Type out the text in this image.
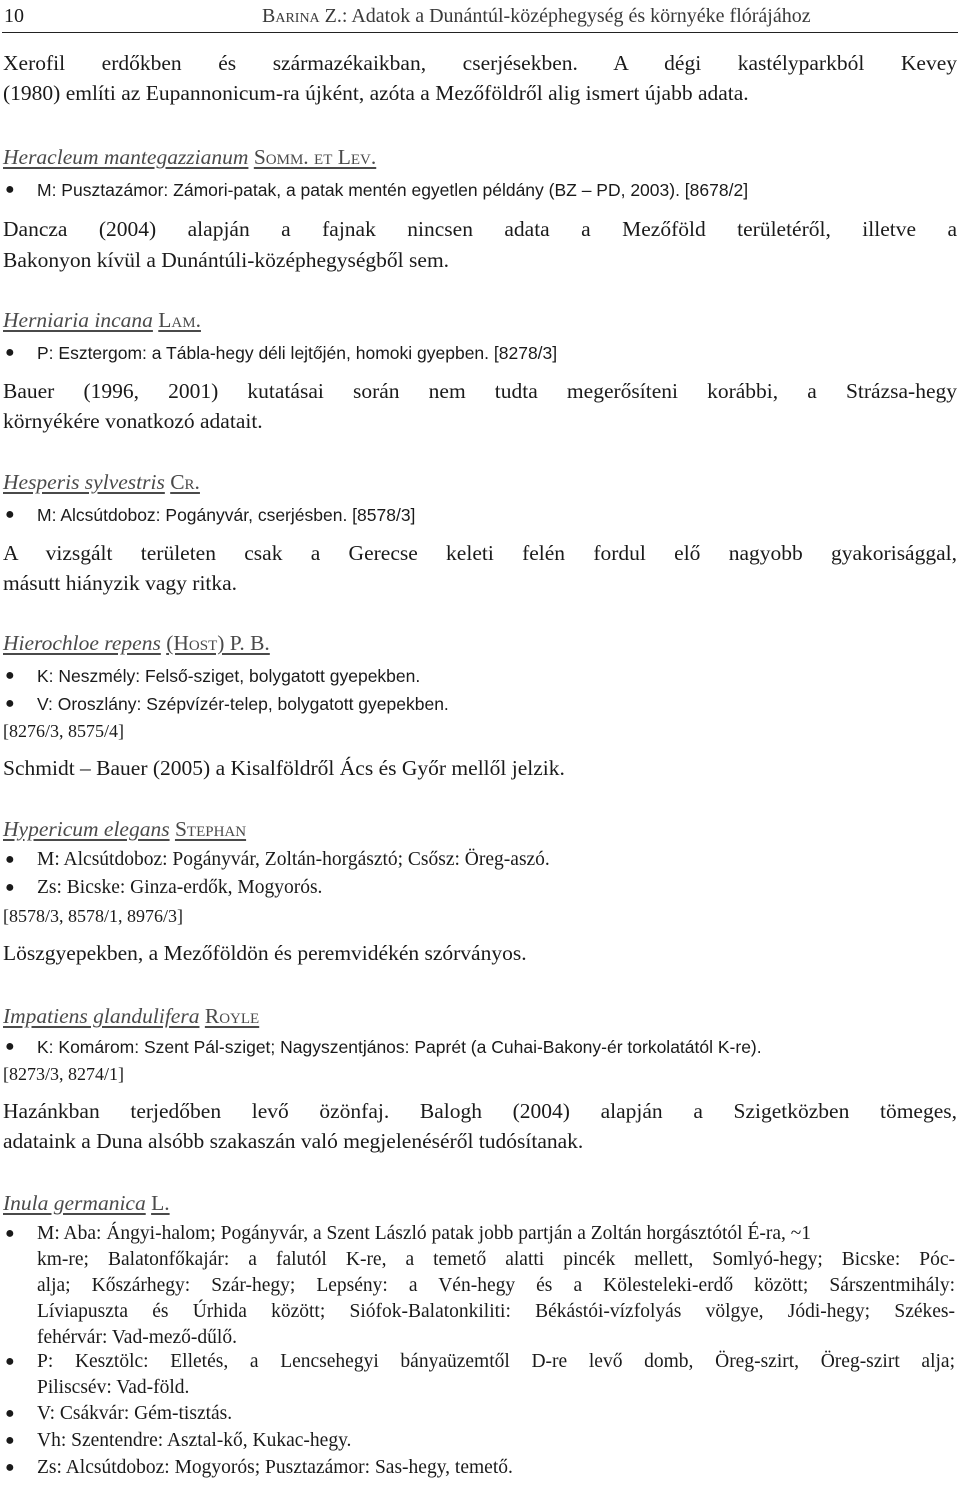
10	Barina Z.: Adatok a Dunántúl-középhegység és környéke flórájához
Xerofil erdőkben és származékaikban, cserjésekben. A dégi kastélyparkból Kevey
(1980) említi az Eupannonicum-ra újként, azóta a Mezőföldről alig ismert újabb adata.
Heracleum mantegazzianum Somm. et Lev.
●	M: Pusztazámor: Zámori-patak, a patak mentén egyetlen példány (BZ – PD, 2003). [8678/2]
Dancza (2004) alapján a fajnak nincsen adata a Mezőföld területéről, illetve a
Bakonyon kívül a Dunántúli-középhegységből sem.
Herniaria incana Lam.
●	P: Esztergom: a Tábla-hegy déli lejtőjén, homoki gyepben. [8278/3]
Bauer (1996, 2001) kutatásai során nem tudta megerősíteni korábbi, a Strázsa-hegy
környékére vonatkozó adatait.
Hesperis sylvestris Cr.
●	M: Alcsútdoboz: Pogányvár, cserjésben. [8578/3]
A vizsgált területen csak a Gerecse keleti felén fordul elő nagyobb gyakorisággal,
másutt hiányzik vagy ritka.
Hierochloe repens (Host) P. B.
●	K: Neszmély: Felső-sziget, bolygatott gyepekben.
●	V: Oroszlány: Szépvízér-telep, bolygatott gyepekben.
[8276/3, 8575/4]
Schmidt – Bauer (2005) a Kisalföldről Ács és Győr mellől jelzik.
Hypericum elegans Stephan
●	M: Alcsútdoboz: Pogányvár, Zoltán-horgásztó; Csősz: Öreg-aszó.
●	Zs: Bicske: Ginza-erdők, Mogyorós.
[8578/3, 8578/1, 8976/3]
Löszgyepekben, a Mezőföldön és peremvidékén szórványos.
Impatiens glandulifera Royle
●	K: Komárom: Szent Pál-sziget; Nagyszentjános: Paprét (a Cuhai-Bakony-ér torkolatától K-re).
[8273/3, 8274/1]
Hazánkban terjedőben levő özönfaj. Balogh (2004) alapján a Szigetközben tömeges,
adataink a Duna alsóbb szakaszán való megjelenéséről tudósítanak.
Inula germanica L.
●	M: Aba: Ángyi-halom; Pogányvár, a Szent László patak jobb partján a Zoltán horgásztótól É-ra, ~1
km-re; Balatonfőkajár: a falutól K-re, a temető alatti pincék mellett, Somlyó-hegy; Bicske: Póc-
alja; Kőszárhegy: Szár-hegy; Lepsény: a Vén-hegy és a Kölesteleki-erdő között; Sárszentmihály:
Líviapuszta és Úrhida között; Siófok-Balatonkiliti: Békástói-vízfolyás völgye, Jódi-hegy; Székes-
fehérvár: Vad-mező-dűlő.
●	P: Kesztölc: Elletés, a Lencsehegyi bányaüzemtől D-re levő domb, Öreg-szirt, Öreg-szirt alja;
Piliscsév: Vad-föld.
●	V: Csákvár: Gém-tisztás.
●	Vh: Szentendre: Asztal-kő, Kukac-hegy.
●	Zs: Alcsútdoboz: Mogyorós; Pusztazámor: Sas-hegy, temető.
